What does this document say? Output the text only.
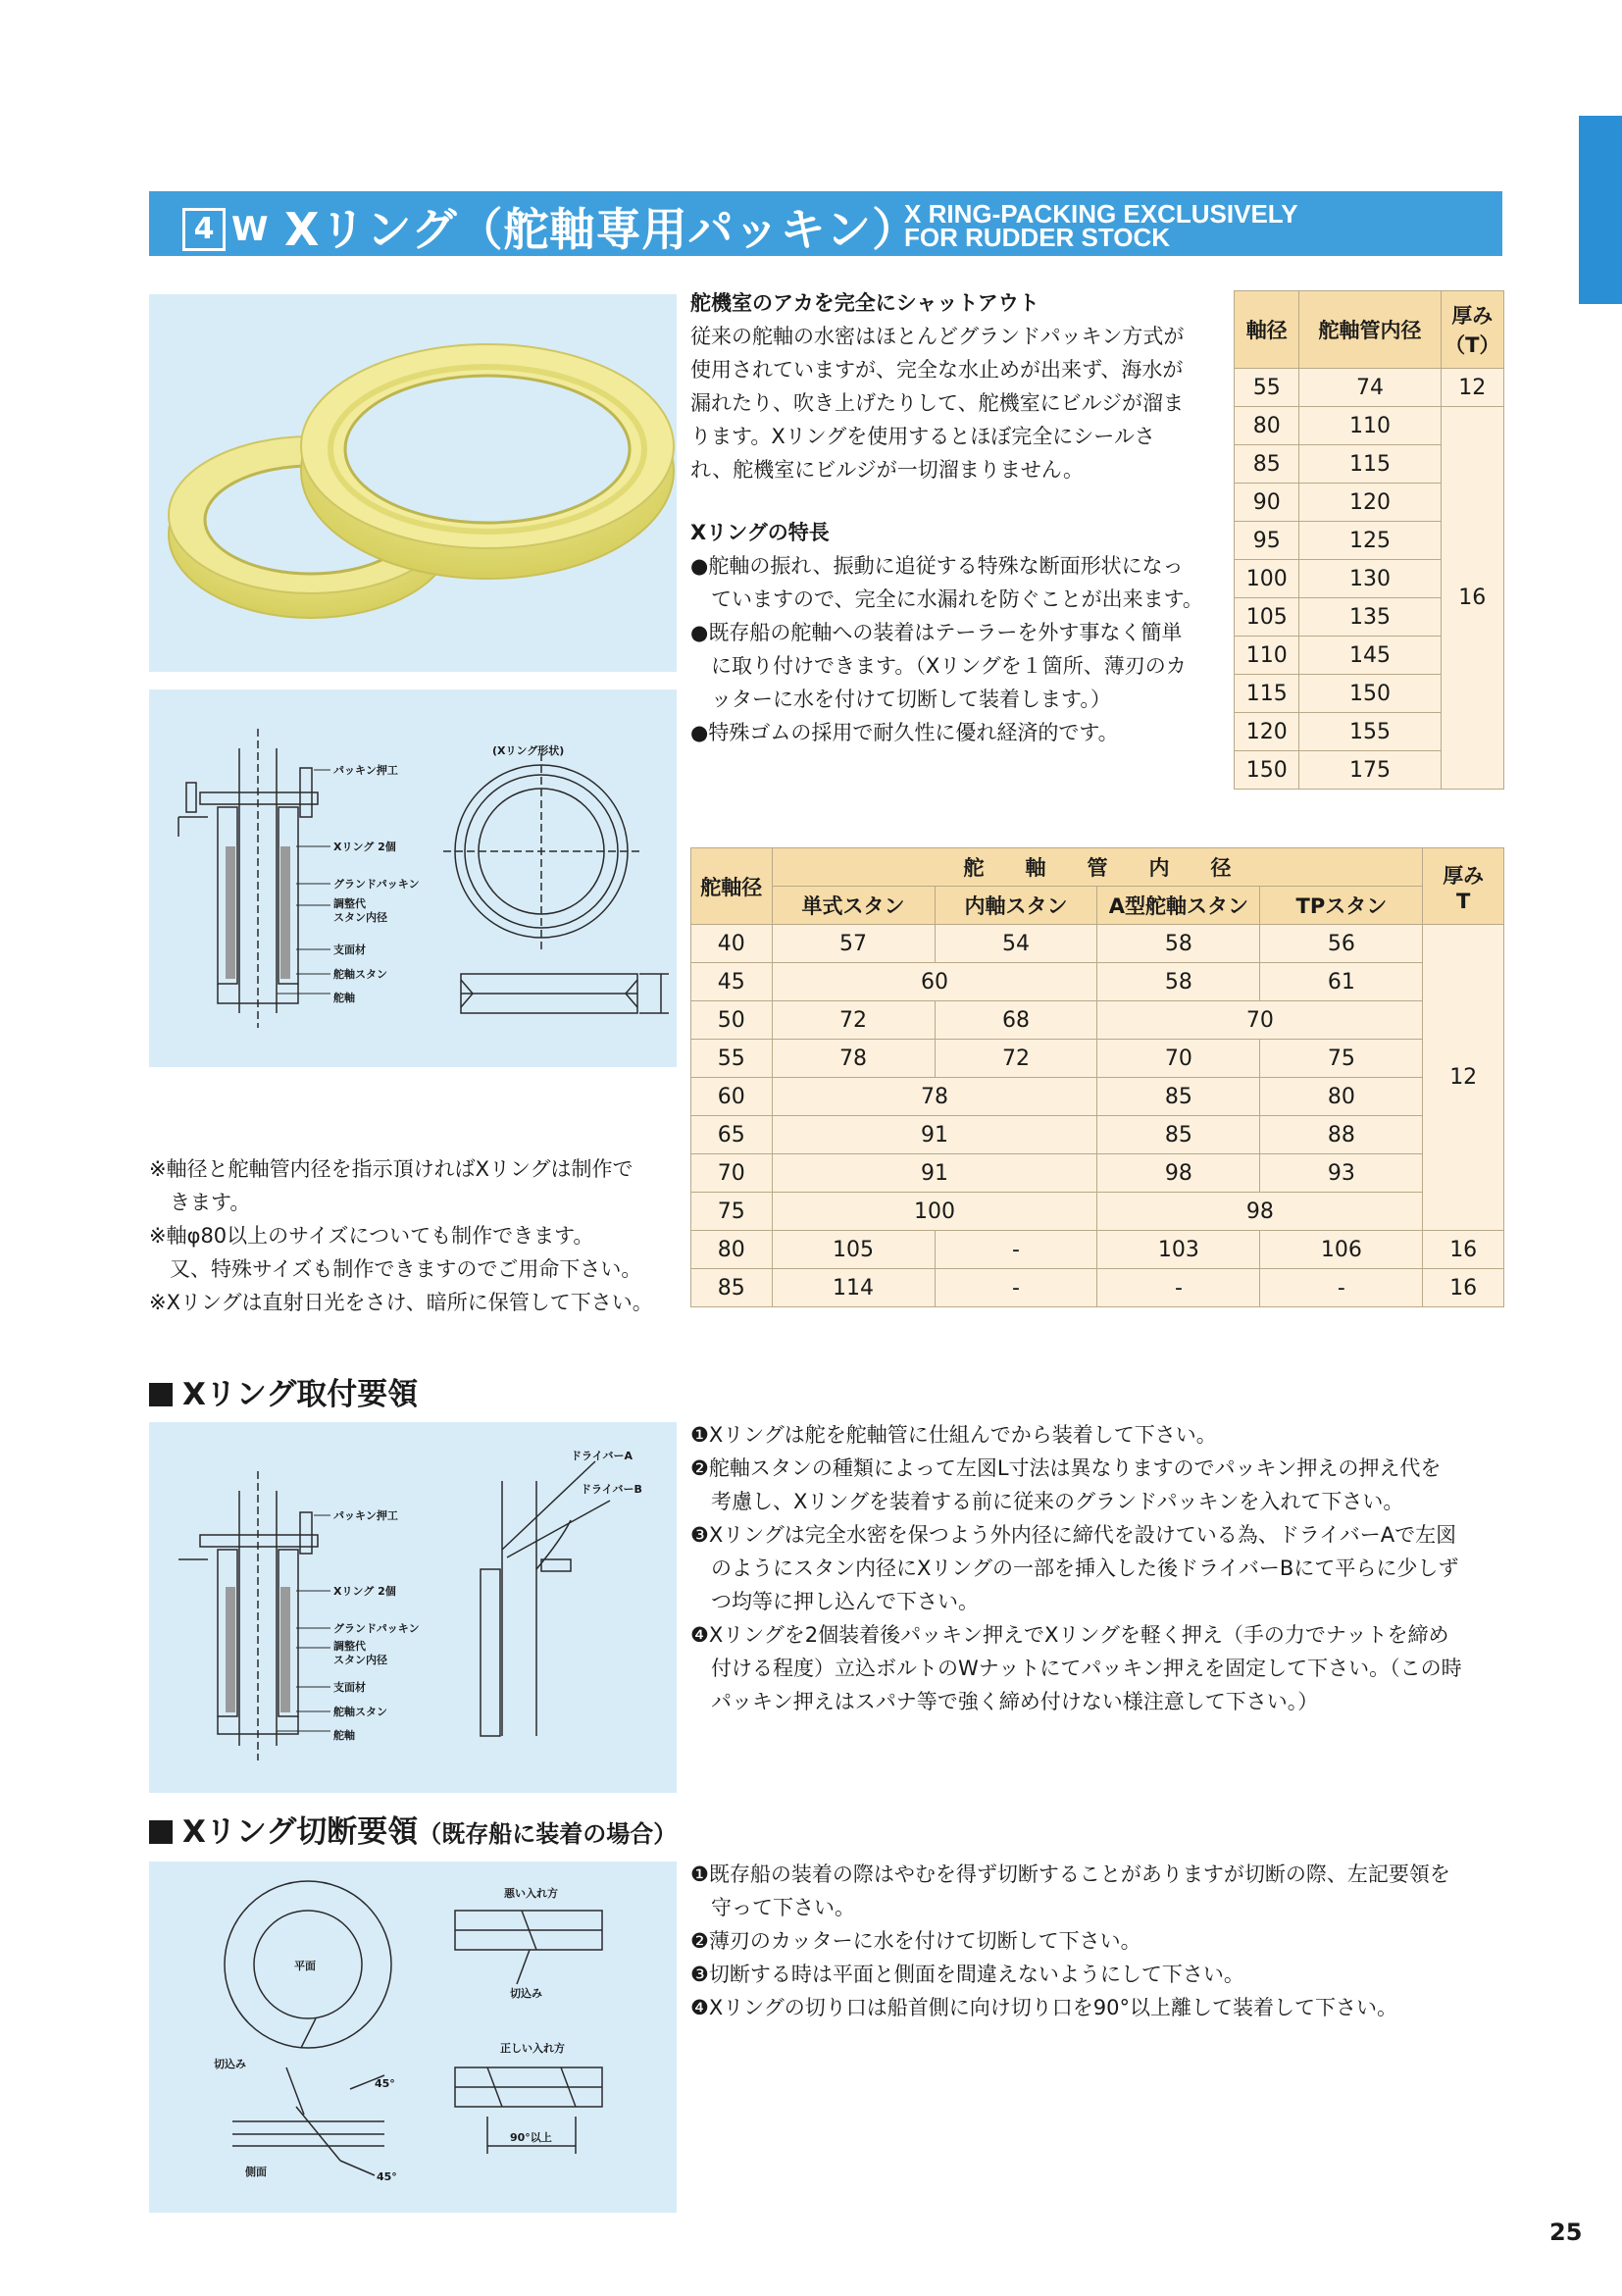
4 W Xリング（舵軸専用パッキン）
X RING-PACKING EXCLUSIVELY
FOR RUDDER STOCK
パッキン押工
Xリング 2個
グランドパッキン
調整代
スタン内径
支面材
舵軸スタン
舵軸
(Xリング形状)
舵機室のアカを完全にシャットアウト
従来の舵軸の水密はほとんどグランドパッキン方式が
使用されていますが、完全な水止めが出来ず、海水が
漏れたり、吹き上げたりして、舵機室にビルジが溜ま
ります。Xリングを使用するとほぼ完全にシールさ
れ、舵機室にビルジが一切溜まりません。
Xリングの特長
●舵軸の振れ、振動に追従する特殊な断面形状になっ
　ていますので、完全に水漏れを防ぐことが出来ます。
●既存船の舵軸への装着はテーラーを外す事なく簡単
　に取り付けできます。（Xリングを１箇所、薄刃のカ
　ッターに水を付けて切断して装着します。）
●特殊ゴムの採用で耐久性に優れ経済的です。
軸径	舵軸管内径	厚み
（T）
55	74	12
80	110	16
85	115	
90	120	
95	125	
100	130	
105	135	
110	145	
115	150	
120	155	
150	175	
舵軸径	舵　　軸　　管　　内　　径				厚み
T
	単式スタン	内軸スタン	A型舵軸スタン	TPスタン	
40	57	54	58	56	12
45	60		58	61	
50	72	68	70		
55	78	72	70	75	
60	78		85	80	
65	91		85	88	
70	91		98	93	
75	100		98		
80	105	-	103	106	16
85	114	-	-	-	16
※軸径と舵軸管内径を指示頂ければXリングは制作で
　きます。
※軸φ80以上のサイズについても制作できます。
　又、特殊サイズも制作できますのでご用命下さい。
※Xリングは直射日光をさけ、暗所に保管して下さい。
Xリング取付要領
パッキン押工
Xリング 2個
グランドパッキン
調整代
スタン内径
支面材
舵軸スタン
舵軸
ドライバーA
ドライバーB
❶Xリングは舵を舵軸管に仕組んでから装着して下さい。
❷舵軸スタンの種類によって左図L寸法は異なりますのでパッキン押えの押え代を
　考慮し、Xリングを装着する前に従来のグランドパッキンを入れて下さい。
❸Xリングは完全水密を保つよう外内径に締代を設けている為、ドライバーAで左図
　のようにスタン内径にXリングの一部を挿入した後ドライバーBにて平らに少しず
　つ均等に押し込んで下さい。
❹Xリングを2個装着後パッキン押えでXリングを軽く押え（手の力でナットを締め
　付ける程度）立込ボルトのWナットにてパッキン押えを固定して下さい。（この時
　パッキン押えはスパナ等で強く締め付けない様注意して下さい。）
Xリング切断要領（既存船に装着の場合）
平面
切込み
側面
45°
45°
悪い入れ方
切込み
正しい入れ方
90°以上
❶既存船の装着の際はやむを得ず切断することがありますが切断の際、左記要領を
　守って下さい。
❷薄刃のカッターに水を付けて切断して下さい。
❸切断する時は平面と側面を間違えないようにして下さい。
❹Xリングの切り口は船首側に向け切り口を90°以上離して装着して下さい。
25
